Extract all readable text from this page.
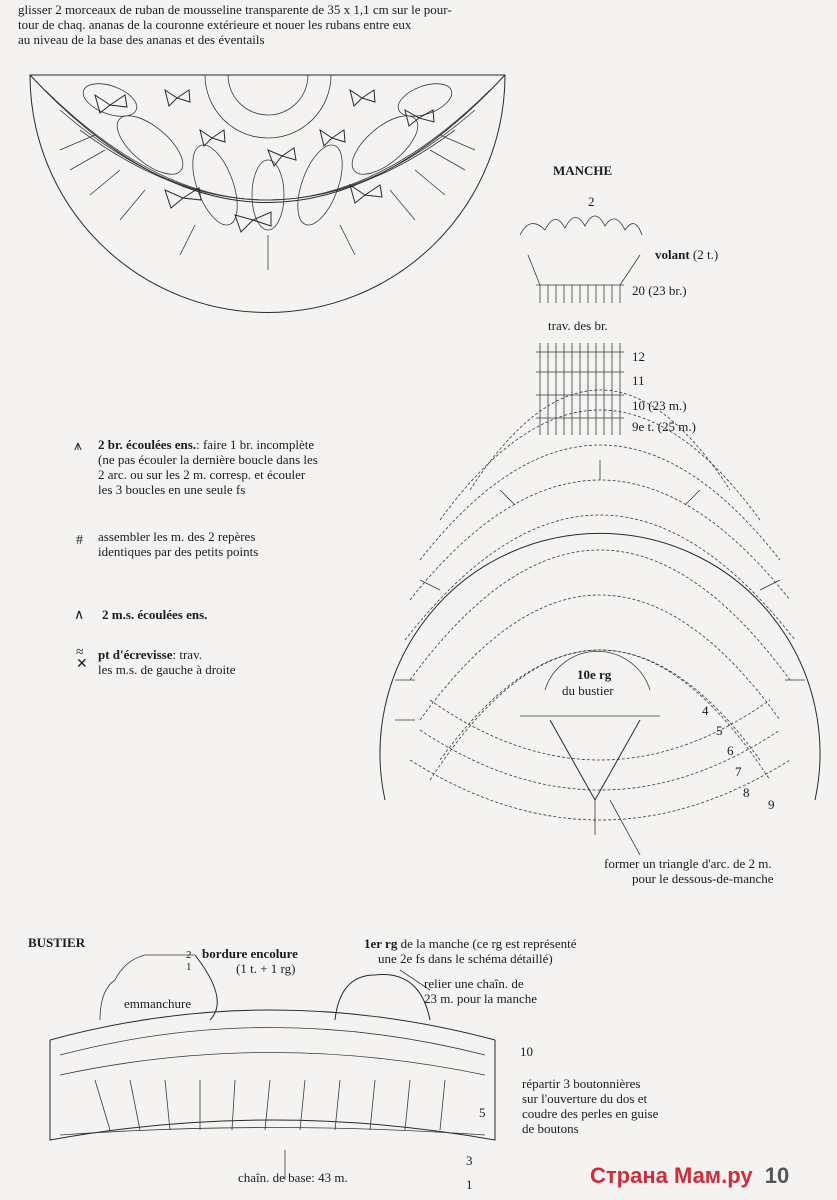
glisser 2 morceaux de ruban de mousseline transparente de 35 x 1,1 cm sur le pour-
tour de chaq. ananas de la couronne extérieure et nouer les rubans entre eux
au niveau de la base des ananas et des éventails
MANCHE
2
volant (2 t.)
20 (23 br.)
trav. des br.
12
11
10 (23 m.)
9e t. (25 m.)
⩚ 2 br. écoulées ens.: faire 1 br. incomplète
(ne pas écouler la dernière boucle dans les
2 arc. ou sur les 2 m. corresp. et écouler
les 3 boucles en une seule fs
# assembler les m. des 2 repères
identiques par des petits points
∧ 2 m.s. écoulées ens.
≈
✕
pt d'écrevisse: trav.
les m.s. de gauche à droite	10e rg
du bustier
4
5
6
7
8
9
former un triangle d'arc. de 2 m.
pour le dessous-de-manche
BUSTIER
2
1
bordure encolure
(1 t. + 1 rg)
1er rg de la manche (ce rg est représenté
une 2e fs dans le schéma détaillé)
relier une chaîn. de
23 m. pour la manche
emmanchure
10
5
3
1
répartir 3 boutonnières
sur l'ouverture du dos et
coudre des perles en guise
de boutons
chaîn. de base: 43 m.	Страна Мам.ру 10
